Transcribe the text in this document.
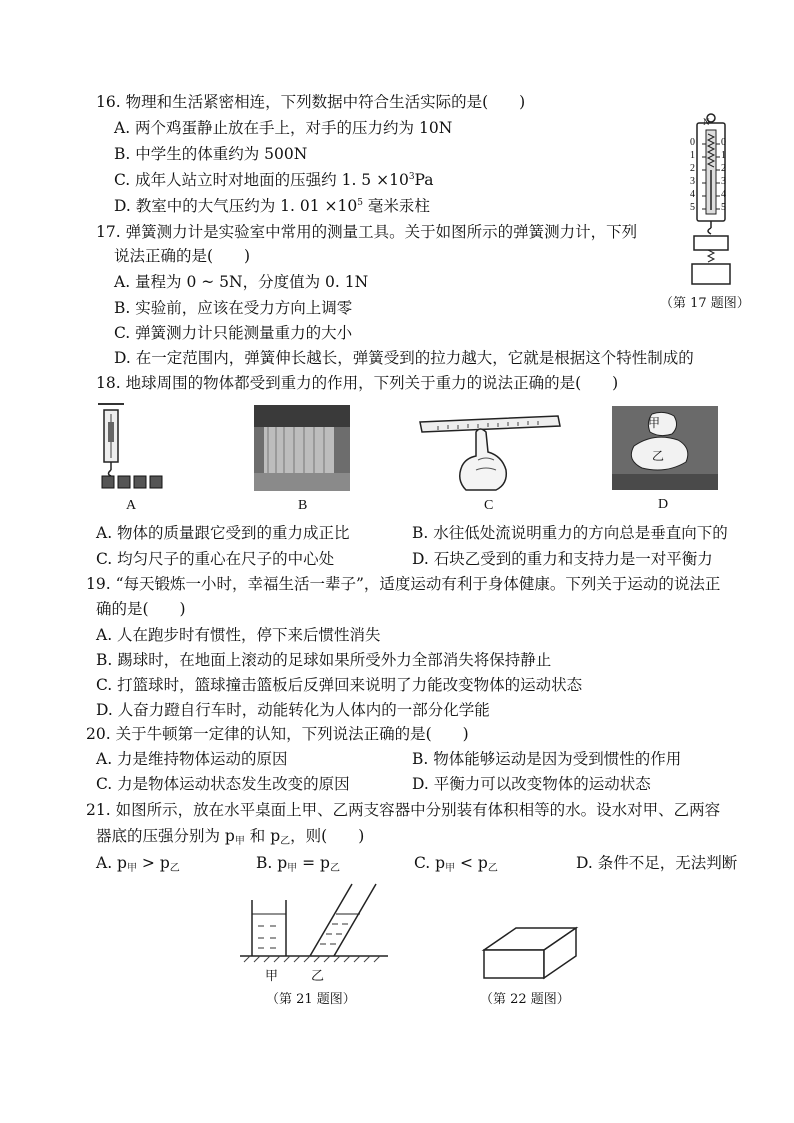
16. 物理和生活紧密相连，下列数据中符合生活实际的是(　　)
A. 两个鸡蛋静止放在手上，对手的压力约为 10N
B. 中学生的体重约为 500N
C. 成年人站立时对地面的压强约 1. $5 \times 10^3Pa$
D. 教室中的大气压约为 1. $01 \times 10^5$ 毫米汞柱
17. 弹簧测力计是实验室中常用的测量工具。关于如图所示的弹簧测力计，下列
说法正确的是(　　)
A. 量程为 0 ~ 5N，分度值为 0. 1N
B. 实验前，应该在受力方向上调零
C. 弹簧测力计只能测量重力的大小
D. 在一定范围内，弹簧伸长越长，弹簧受到的拉力越大，它就是根据这个特性制成的
N
0
1
2
3
4
5
0
1
2
3
4
5
（第 17 题图）
18. 地球周围的物体都受到重力的作用，下列关于重力的说法正确的是(　　)
甲
乙
A	B	C	D
A. 物体的质量跟它受到的重力成正比	B. 水往低处流说明重力的方向总是垂直向下的
C. 均匀尺子的重心在尺子的中心处	D. 石块乙受到的重力和支持力是一对平衡力
19. “每天锻炼一小时，幸福生活一辈子”，适度运动有利于身体健康。下列关于运动的说法正
确的是(　　)
A. 人在跑步时有惯性，停下来后惯性消失
B. 踢球时，在地面上滚动的足球如果所受外力全部消失将保持静止
C. 打篮球时，篮球撞击篮板后反弹回来说明了力能改变物体的运动状态
D. 人奋力蹬自行车时，动能转化为人体内的一部分化学能
20. 关于牛顿第一定律的认知，下列说法正确的是(　　)
A. 力是维持物体运动的原因	B. 物体能够运动是因为受到惯性的作用
C. 力是物体运动状态发生改变的原因	D. 平衡力可以改变物体的运动状态
21. 如图所示，放在水平桌面上甲、乙两支容器中分别装有体积相等的水。设水对甲、乙两容
器底的压强分别为 $p_甲$ 和 $p_乙$，则(　　)
A. $p_甲 > p_乙$	B. $p_甲 = p_乙$	C. $p_甲 < p_乙$	D. 条件不足，无法判断
甲	乙
（第 21 题图）	（第 22 题图）
